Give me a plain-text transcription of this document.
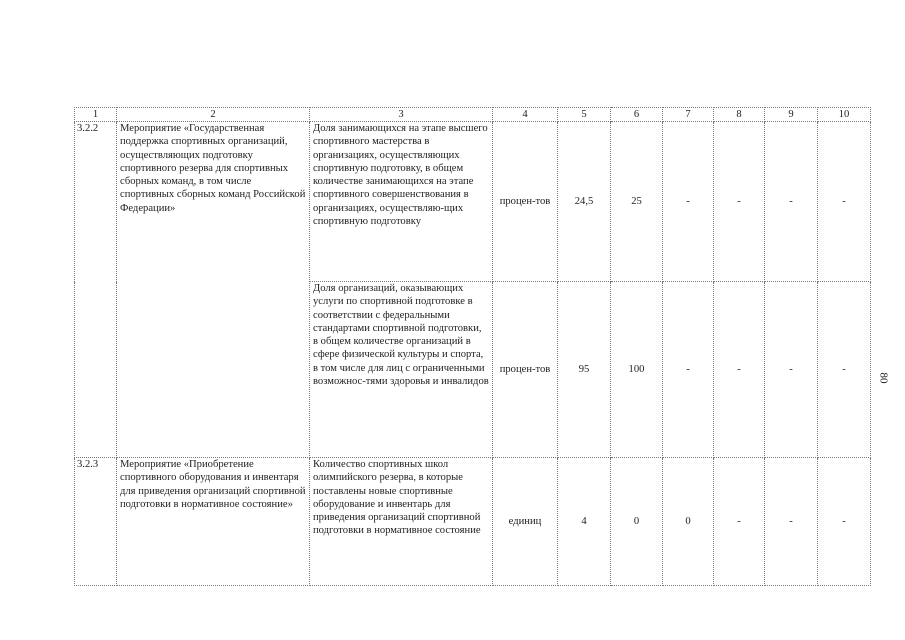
1	2	3	4	5	6	7	8	9	10
3.2.2	Мероприятие «Государственная поддержка спортивных организаций, осуществляющих подготовку спортивного резерва для спортивных сборных команд, в том числе спортивных сборных команд Российской Федерации»	Доля занимающихся на этапе высшего спортивного мастерства в организациях, осуществляющих спортивную подготовку, в общем количестве занимающихся на этапе спортивного совершенствования в организациях, осуществляю-щих спортивную подготовку	процен-тов	24,5	25	-	-	-	-
		Доля организаций, оказывающих услуги по спортивной подготовке в соответствии с федеральными стандартами спортивной подготовки, в общем количестве организаций в сфере физической культуры и спорта, в том числе для лиц с ограниченными возможнос-тями здоровья и инвалидов	процен-тов	95	100	-	-	-	-
3.2.3	Мероприятие «Приобретение спортивного оборудования и инвентаря для приведения организаций спортивной подготовки в нормативное состояние»	Количество спортивных школ олимпийского резерва, в которые поставлены новые спортивные оборудование и инвентарь для приведения организаций спортивной подготовки в нормативное состояние	единиц	4	0	0	-	-	-
80
